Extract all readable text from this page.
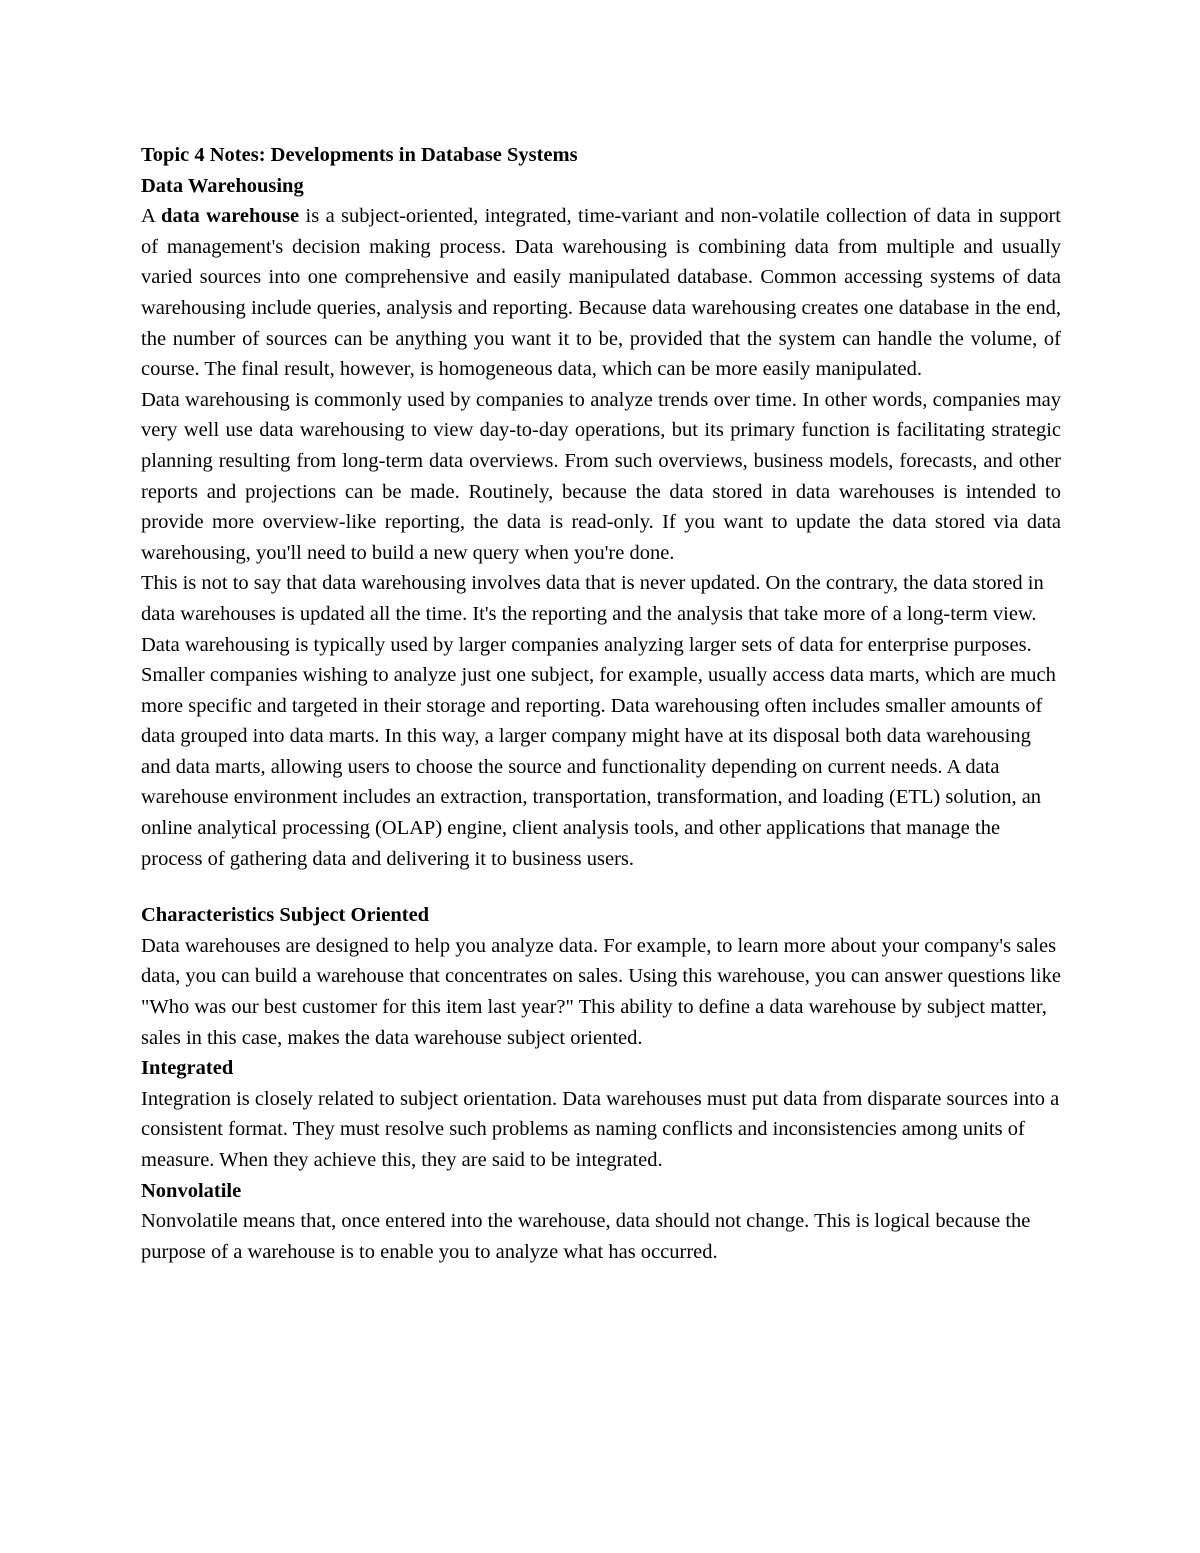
Topic 4 Notes: Developments in Database Systems
Data Warehousing

A data warehouse is a subject-oriented, integrated, time-variant and non-volatile collection of data in support of management's decision making process. Data warehousing is combining data from multiple and usually varied sources into one comprehensive and easily manipulated database. Common accessing systems of data warehousing include queries, analysis and reporting. Because data warehousing creates one database in the end, the number of sources can be anything you want it to be, provided that the system can handle the volume, of course. The final result, however, is homogeneous data, which can be more easily manipulated.

Data warehousing is commonly used by companies to analyze trends over time. In other words, companies may very well use data warehousing to view day-to-day operations, but its primary function is facilitating strategic planning resulting from long-term data overviews. From such overviews, business models, forecasts, and other reports and projections can be made. Routinely, because the data stored in data warehouses is intended to provide more overview-like reporting, the data is read-only. If you want to update the data stored via data warehousing, you'll need to build a new query when you're done.

This is not to say that data warehousing involves data that is never updated. On the contrary, the data stored in data warehouses is updated all the time. It's the reporting and the analysis that take more of a long-term view.

Data warehousing is typically used by larger companies analyzing larger sets of data for enterprise purposes. Smaller companies wishing to analyze just one subject, for example, usually access data marts, which are much more specific and targeted in their storage and reporting. Data warehousing often includes smaller amounts of data grouped into data marts. In this way, a larger company might have at its disposal both data warehousing and data marts, allowing users to choose the source and functionality depending on current needs. A data warehouse environment includes an extraction, transportation, transformation, and loading (ETL) solution, an online analytical processing (OLAP) engine, client analysis tools, and other applications that manage the process of gathering data and delivering it to business users.

Characteristics Subject Oriented

Data warehouses are designed to help you analyze data. For example, to learn more about your company's sales data, you can build a warehouse that concentrates on sales. Using this warehouse, you can answer questions like "Who was our best customer for this item last year?" This ability to define a data warehouse by subject matter, sales in this case, makes the data warehouse subject oriented.

Integrated

Integration is closely related to subject orientation. Data warehouses must put data from disparate sources into a consistent format. They must resolve such problems as naming conflicts and inconsistencies among units of measure. When they achieve this, they are said to be integrated.

Nonvolatile

Nonvolatile means that, once entered into the warehouse, data should not change. This is logical because the purpose of a warehouse is to enable you to analyze what has occurred.
